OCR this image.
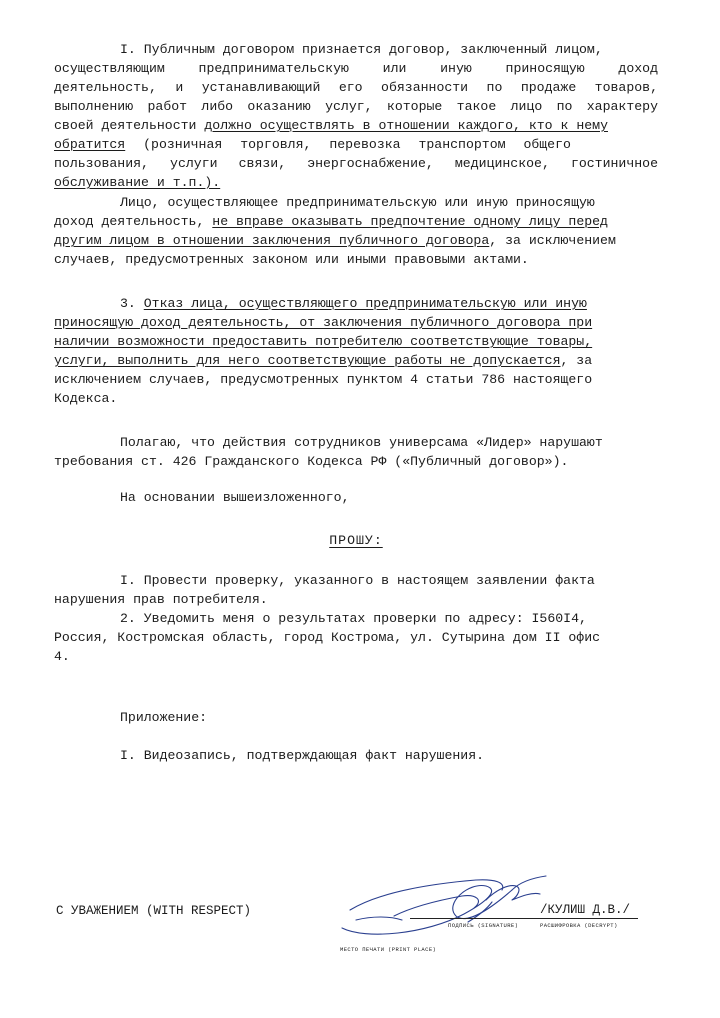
I. Публичным договором признается договор, заключенный лицом,
осуществляющим предпринимательскую или иную приносящую доход
деятельность, и устанавливающий его обязанности по продаже товаров,
выполнению работ либо оказанию услуг, которые такое лицо по характеру
своей деятельности должно осуществлять в отношении каждого, кто к нему
обратится (розничная торговля, перевозка транспортом общего
пользования, услуги связи, энергоснабжение, медицинское, гостиничное
обслуживание и т.п.).
Лицо, осуществляющее предпринимательскую или иную приносящую
доход деятельность, не вправе оказывать предпочтение одному лицу перед
другим лицом в отношении заключения публичного договора, за исключением
случаев, предусмотрeнных законом или иными правовыми актами.
3. Отказ лица, осуществляющего предпринимательскую или иную
приносящую доход деятельность, от заключения публичного договора при
наличии возможности предоставить потребителю соответствующие товары,
услуги, выполнить для него соответствующие работы не допускается, за
исключением случаев, предусмотренных пунктом 4 статьи 786 настоящего
Кодекса.
Полагаю, что действия сотрудников универсама «Лидер» нарушают
требования ст. 426 Гражданского Кодекса РФ («Публичный договор»).
На основании вышеизложенного,
ПРОШУ:
I. Провести проверку, указанного в настоящем заявлении факта
нарушения прав потребителя.
2. Уведомить меня о результатах проверки по адресу: I560I4,
Россия, Костромская область, город Кострома, ул. Сутырина дом II офис
4.
Приложение:
I. Видеозапись, подтверждающая факт нарушения.
С УВАЖЕНИЕМ (WITH RESPECT)	/КУЛИШ Д.В./
ПОДПИСЬ (SIGNATURE)	РАСШИФРОВКА (DECRYPT)
МЕСТО ПЕЧАТИ (PRINT PLACE)
